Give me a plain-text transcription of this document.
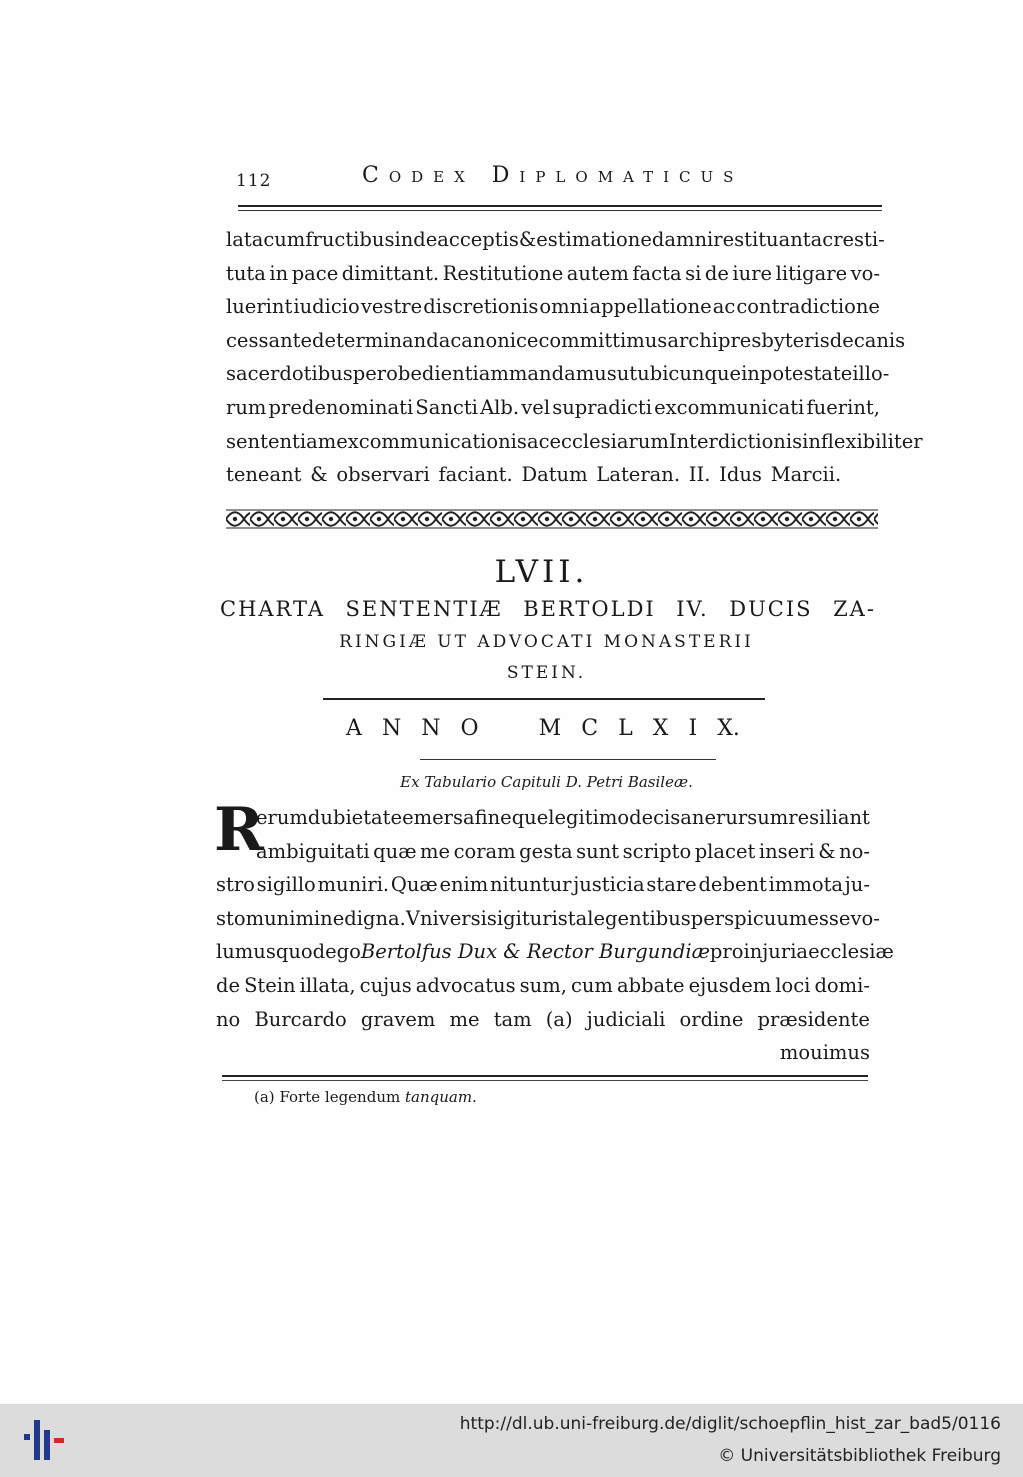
112	Codex Diplomaticus
lata cum fructibus inde acceptis & estimatione damni restituant ac resti-
tuta in pace dimittant. Restitutione autem facta si de iure litigare vo-
luerint iudicio vestre discretionis omni appellatione ac contradictione
cessante determinanda canonice committimus archipresbyteris decanis
sacerdotibus per obedientiam mandamus ut ubicunque in potestate illo-
rum predenominati Sancti Alb. vel supradicti excommunicati fuerint,
sententiam excommunicationis ac ecclesiarum Interdictionis inflexibiliter
teneant & observari faciant. Datum Lateran. II. Idus Marcii.
LVII.
CHARTA SENTENTIÆ BERTOLDI IV. DUCIS ZA-
RINGIÆ UT ADVOCATI MONASTERII
STEIN.
A N N O	M C L X I X.
Ex Tabulario Capituli D. Petri Basileæ.
R
erum dubietate emersa fineque legitimo decisa ne rursum resiliant
ambiguitati quæ me coram gesta sunt scripto placet inseri & no-
stro sigillo muniri. Quæ enim nituntur justicia stare debent immota ju-
sto munimine digna. Vniversis igitur ista legentibus perspicuum esse vo-
lumus quod ego Bertolfus Dux & Rector Burgundiæ pro injuria ecclesiæ
de Stein illata, cujus advocatus sum, cum abbate ejusdem loci domi-
no Burcardo gravem me tam (a) judiciali ordine præsidente
mouimus
(a) Forte legendum tanquam.
http://dl.ub.uni-freiburg.de/diglit/schoepflin_hist_zar_bad5/0116
© Universitätsbibliothek Freiburg
